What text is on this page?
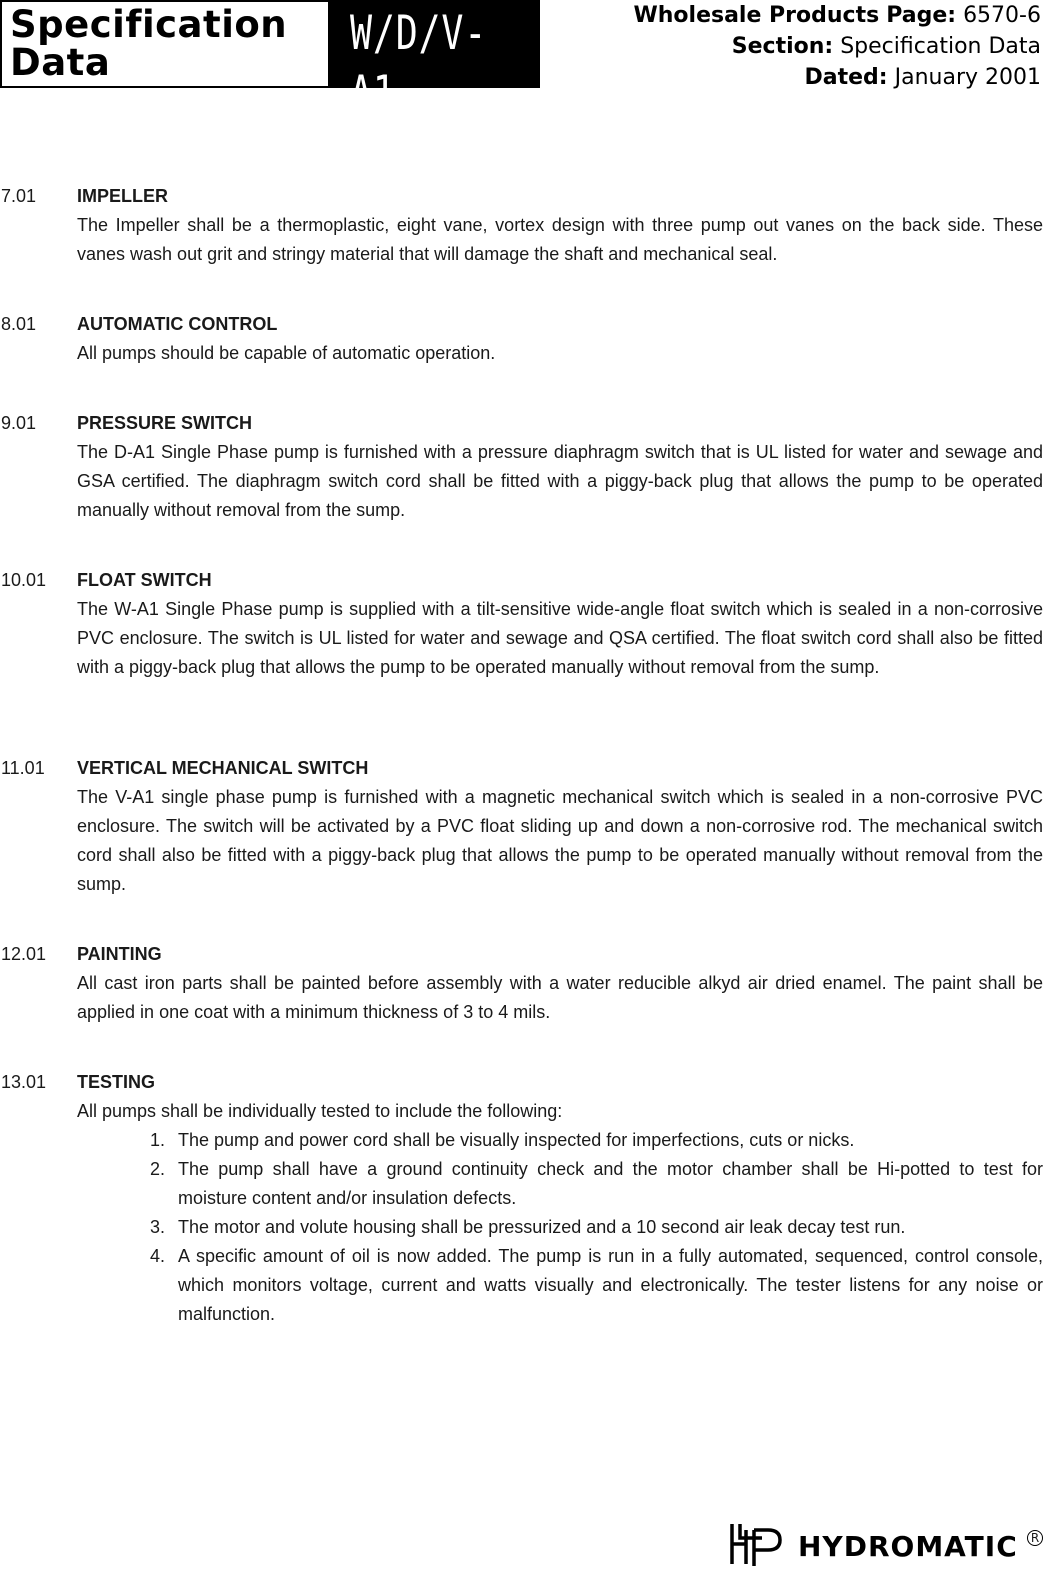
Specification
Data
W/D/V-A1
Wholesale Products Page: 6570-6
Section: Specification Data
Dated: January 2001
7.01 IMPELLER
The Impeller shall be a thermoplastic, eight vane, vortex design with three pump out vanes on the back side. These vanes wash out grit and stringy material that will damage the shaft and mechanical seal.
8.01 AUTOMATIC CONTROL
All pumps should be capable of automatic operation.
9.01 PRESSURE SWITCH
The D-A1 Single Phase pump is furnished with a pressure diaphragm switch that is UL listed for water and sewage and GSA certified. The diaphragm switch cord shall be fitted with a piggy-back plug that allows the pump to be operated manually without removal from the sump.
10.01 FLOAT SWITCH
The W-A1 Single Phase pump is supplied with a tilt-sensitive wide-angle float switch which is sealed in a non-corrosive PVC enclosure. The switch is UL listed for water and sewage and QSA certified. The float switch cord shall also be fitted with a piggy-back plug that allows the pump to be operated manually without removal from the sump.
11.01 VERTICAL MECHANICAL SWITCH
The V-A1 single phase pump is furnished with a magnetic mechanical switch which is sealed in a non-corrosive PVC enclosure. The switch will be activated by a PVC float sliding up and down a non-corrosive rod. The mechanical switch cord shall also be fitted with a piggy-back plug that allows the pump to be operated manually without removal from the sump.
12.01 PAINTING
All cast iron parts shall be painted before assembly with a water reducible alkyd air dried enamel. The paint shall be applied in one coat with a minimum thickness of 3 to 4 mils.
13.01 TESTING
All pumps shall be individually tested to include the following:
1. The pump and power cord shall be visually inspected for imperfections, cuts or nicks.
2. The pump shall have a ground continuity check and the motor chamber shall be Hi-potted to test for moisture content and/or insulation defects.
3. The motor and volute housing shall be pressurized and a 10 second air leak decay test run.
4. A specific amount of oil is now added. The pump is run in a fully automated, sequenced, control console, which monitors voltage, current and watts visually and electronically. The tester listens for any noise or malfunction.
HYDROMATIC	R
